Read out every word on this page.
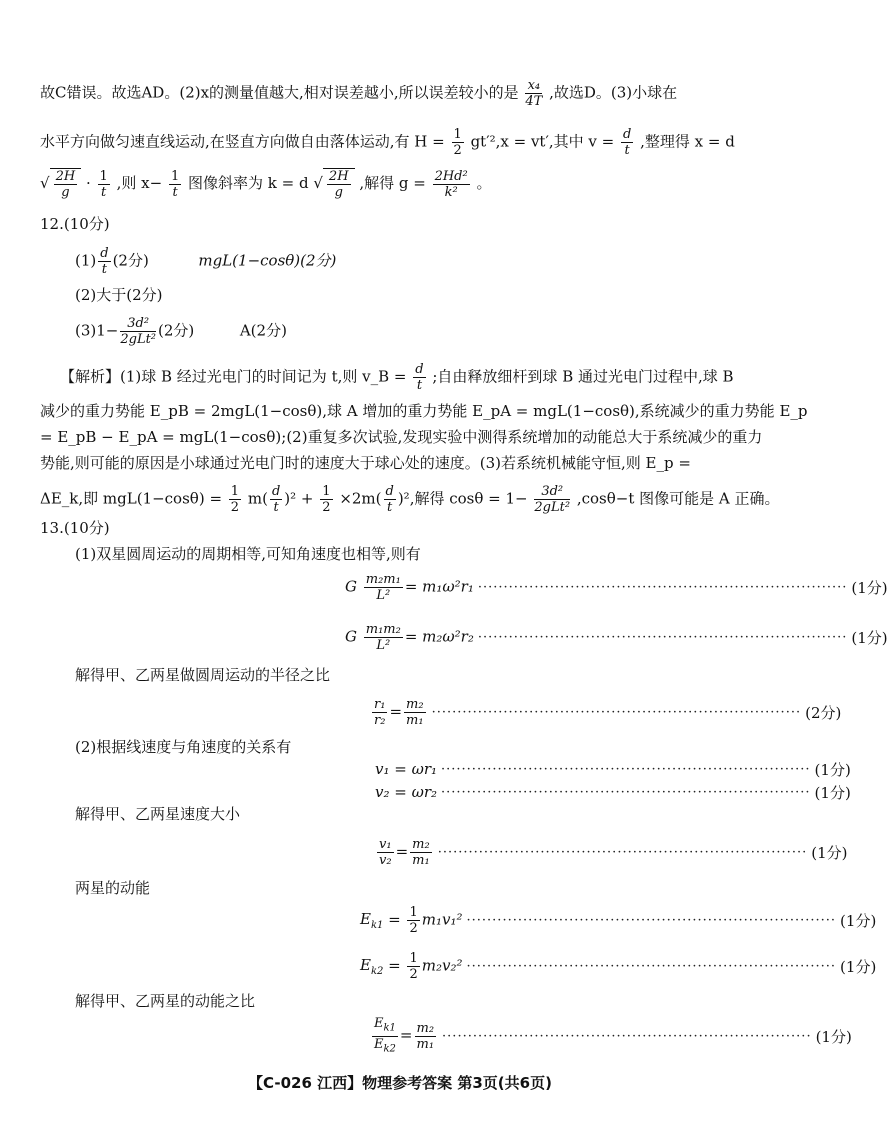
故C错误。故选AD。(2)x的测量值越大,相对误差越小,所以误差较小的是 $\frac{\text{x₄}}{4T}$ ,故选D。(3)小球在
水平方向做匀速直线运动,在竖直方向做自由落体运动,有 $H = \frac{1}{2} gt'^2,x = vt'$,其中 $v = \frac{d}{t}$ ,整理得 x = d
√ $\frac{2H}{g} \cdot \frac{1}{t}$ ,则 $x- \frac{1}{t}$ 图像斜率为 k = d √ $\frac{2H}{g}$ ,解得 $g = \frac{\text{2Hd²}}{\text{k²}}$ 。
12.(10分)
$(1) \frac{d}{t} (2$分)	mgL(1−cosθ)(2分)
(2)大于(2分)
(3)1− 3d²
2gLt² (2分)	A(2分)
【解析】(1)球 B 经过光电门的时间记为 t,则 v_B = $\frac{d}{t}$ ;自由释放细杆到球 B 通过光电门过程中,球 B
减少的重力势能 E_pB = 2mgL(1−cosθ),球 A 增加的重力势能 E_pA = mgL(1−cosθ),系统减少的重力势能 E_p
= E_pB − E_pA = mgL(1−cosθ);(2)重复多次试验,发现实验中测得系统增加的动能总大于系统减少的重力
势能,则可能的原因是小球通过光电门时的速度大于球心处的速度。(3)若系统机械能守恒,则 E_p =
ΔE_k,即 $mgL(1-\cos\theta) = \frac{1}{2} m( \frac{d}{t} )^2 + \frac{1}{2} \times 2m( \frac{d}{t} )^2$,解得 cosθ = 1−	3d²
2gLt² ,cosθ−t 图像可能是 A 正确。
13.(10分)
(1)双星圆周运动的周期相等,可知角速度也相等,则有
G $\frac{\text{m₂m₁}}{\text{L²}} = m_1\omega^2r_1$ ········································································ (1分)
G $\frac{\text{m₁m₂}}{\text{L²}} = m_2\omega^2r_2$ ········································································ (1分)
解得甲、乙两星做圆周运动的半径之比
$\frac{\text{r₁}}{\text{r₂}} = \frac{\text{m₂}}{\text{m₁}}$ ········································································ (2分)
(2)根据线速度与角速度的关系有
v₁ = ωr₁ ········································································ (1分)
v₂ = ωr₂ ········································································ (1分)
解得甲、乙两星速度大小
$\frac{\text{v₁}}{\text{v₂}} = \frac{\text{m₂}}{\text{m₁}}$ ········································································ (1分)
两星的动能
$E_{k1} = \frac{1}{2} m_1v_1^2$ ········································································ (1分)
$E_{k2} = \frac{1}{2} m_2v_2^2$ ········································································ (1分)
解得甲、乙两星的动能之比
$\frac{E_{k1}}{E_{k2}} = \frac{\text{m₂}}{\text{m₁}}$ ········································································ (1分)
【C-026 江西】物理参考答案 第3页(共6页)
